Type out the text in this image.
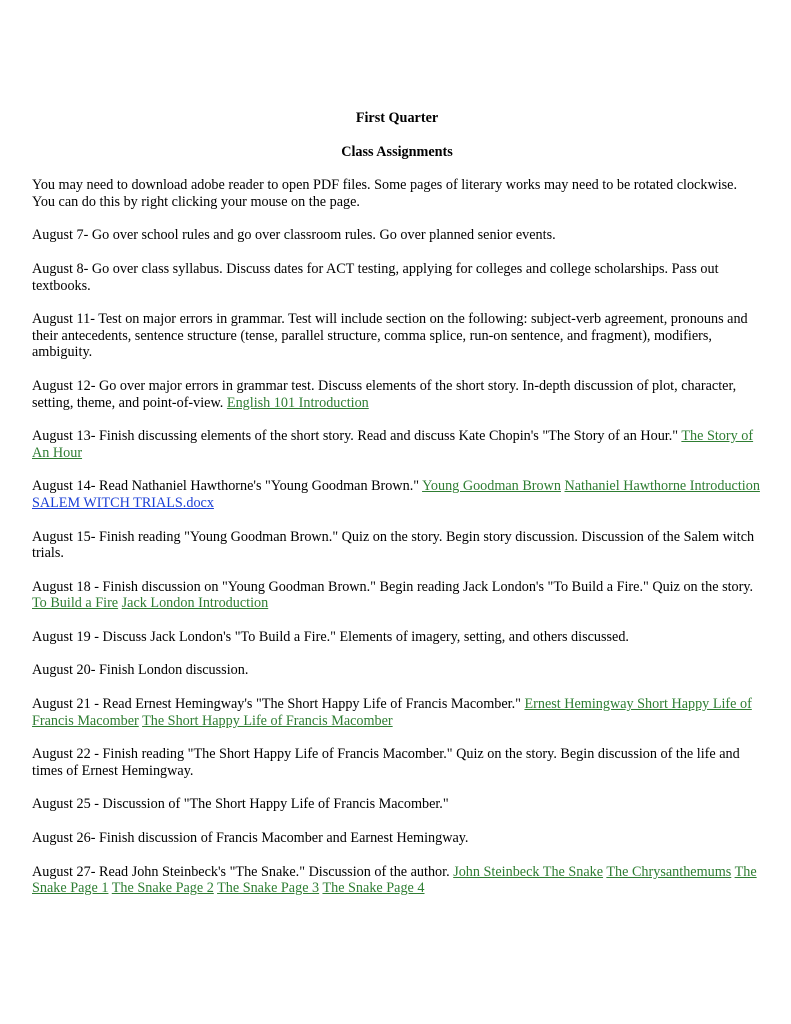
First Quarter

Class Assignments

You may need to download adobe reader to open PDF files. Some pages of literary works may need to be rotated clockwise. You can do this by right clicking your mouse on the page.

August 7- Go over school rules and go over classroom rules. Go over planned senior events.

August 8- Go over class syllabus. Discuss dates for ACT testing, applying for colleges and college scholarships. Pass out textbooks.

August 11- Test on major errors in grammar. Test will include section on the following: subject-verb agreement, pronouns and their antecedents, sentence structure (tense, parallel structure, comma splice, run-on sentence, and fragment), modifiers, ambiguity.

August 12- Go over major errors in grammar test. Discuss elements of the short story. In-depth discussion of plot, character, setting, theme, and point-of-view. English 101 Introduction

August 13- Finish discussing elements of the short story. Read and discuss Kate Chopin's "The Story of an Hour." The Story of An Hour

August 14- Read Nathaniel Hawthorne's "Young Goodman Brown." Young Goodman Brown Nathaniel Hawthorne Introduction SALEM WITCH TRIALS.docx

August 15- Finish reading "Young Goodman Brown." Quiz on the story. Begin story discussion. Discussion of the Salem witch trials.

August 18 - Finish discussion on "Young Goodman Brown." Begin reading Jack London's "To Build a Fire." Quiz on the story. To Build a Fire Jack London Introduction

August 19 - Discuss Jack London's "To Build a Fire." Elements of imagery, setting, and others discussed.

August 20- Finish London discussion.

August 21 - Read Ernest Hemingway's "The Short Happy Life of Francis Macomber." Ernest Hemingway Short Happy Life of Francis Macomber The Short Happy Life of Francis Macomber

August 22 - Finish reading "The Short Happy Life of Francis Macomber." Quiz on the story. Begin discussion of the life and times of Ernest Hemingway.

August 25 - Discussion of "The Short Happy Life of Francis Macomber."

August 26- Finish discussion of Francis Macomber and Earnest Hemingway.

August 27- Read John Steinbeck's "The Snake." Discussion of the author. John Steinbeck The Snake The Chrysanthemums The Snake Page 1 The Snake Page 2 The Snake Page 3 The Snake Page 4
